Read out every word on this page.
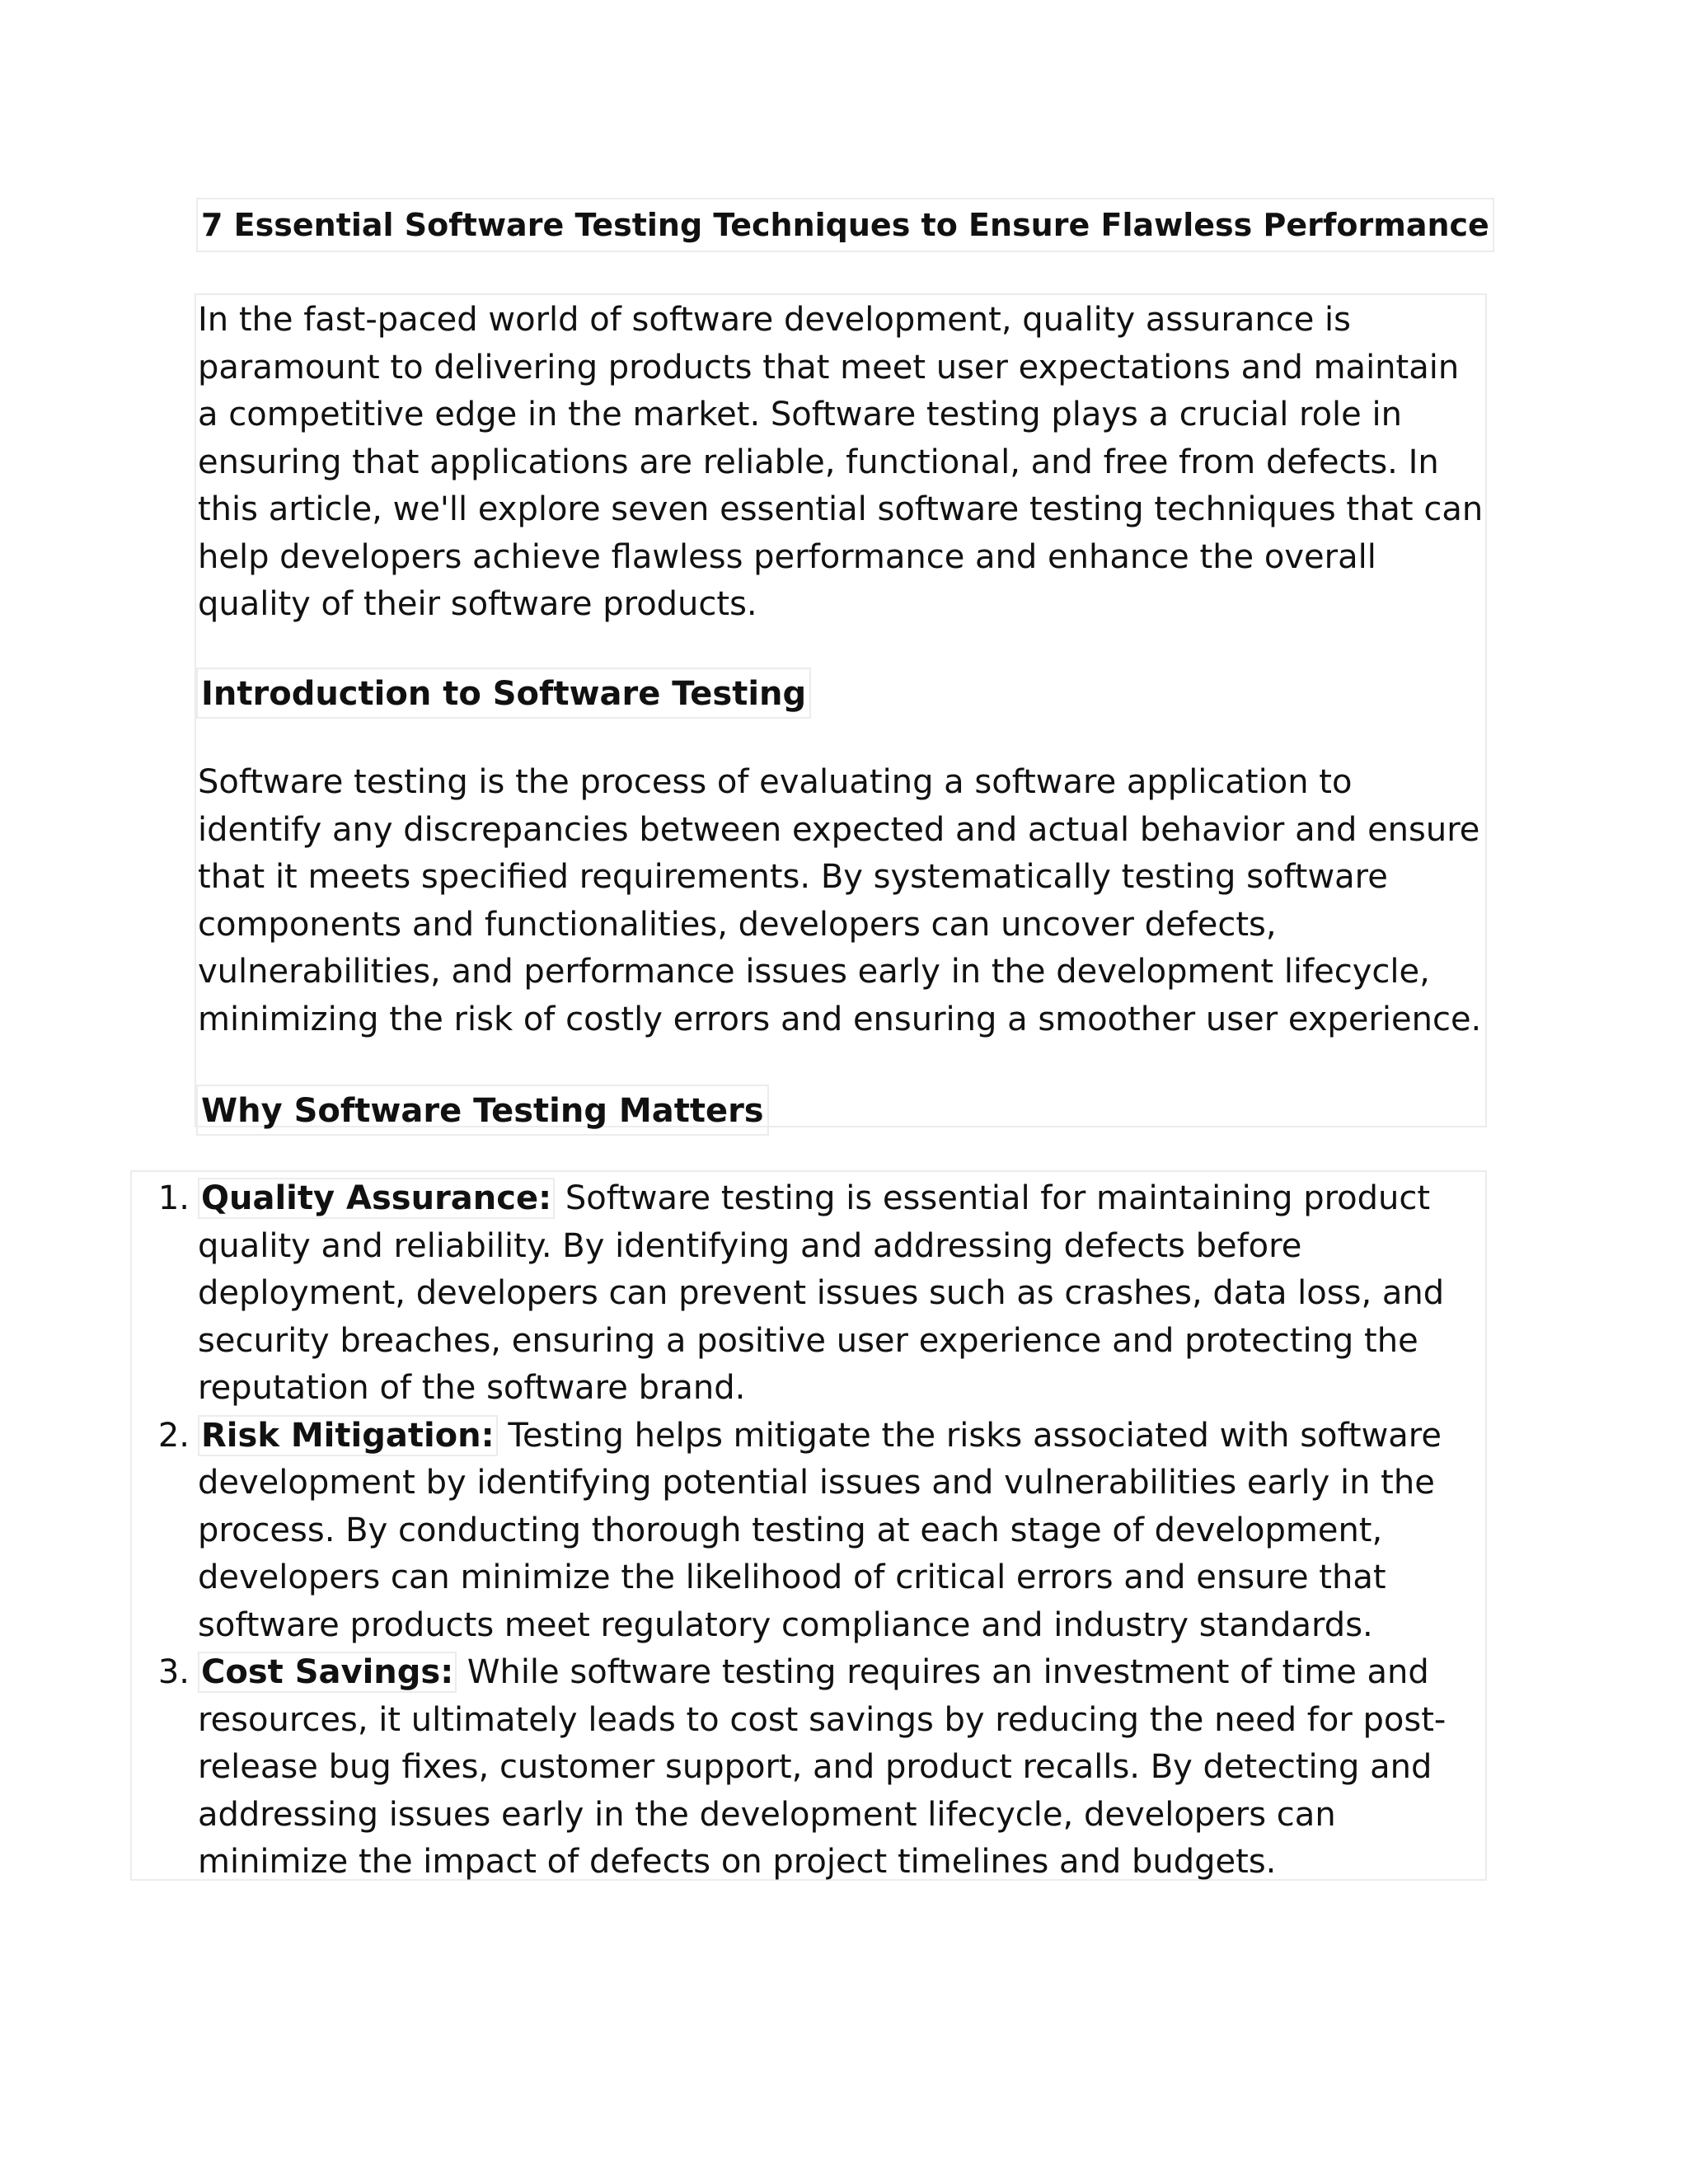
7 Essential Software Testing Techniques to Ensure Flawless Performance

In the fast-paced world of software development, quality assurance is paramount to delivering products that meet user expectations and maintain a competitive edge in the market. Software testing plays a crucial role in ensuring that applications are reliable, functional, and free from defects. In this article, we'll explore seven essential software testing techniques that can help developers achieve flawless performance and enhance the overall quality of their software products.

Introduction to Software Testing

Software testing is the process of evaluating a software application to identify any discrepancies between expected and actual behavior and ensure that it meets specified requirements. By systematically testing software components and functionalities, developers can uncover defects, vulnerabilities, and performance issues early in the development lifecycle, minimizing the risk of costly errors and ensuring a smoother user experience.

Why Software Testing Matters
1. Quality Assurance: Software testing is essential for maintaining product quality and reliability. By identifying and addressing defects before deployment, developers can prevent issues such as crashes, data loss, and security breaches, ensuring a positive user experience and protecting the reputation of the software brand.
2. Risk Mitigation: Testing helps mitigate the risks associated with software development by identifying potential issues and vulnerabilities early in the process. By conducting thorough testing at each stage of development, developers can minimize the likelihood of critical errors and ensure that software products meet regulatory compliance and industry standards.
3. Cost Savings: While software testing requires an investment of time and resources, it ultimately leads to cost savings by reducing the need for post-release bug fixes, customer support, and product recalls. By detecting and addressing issues early in the development lifecycle, developers can minimize the impact of defects on project timelines and budgets.
